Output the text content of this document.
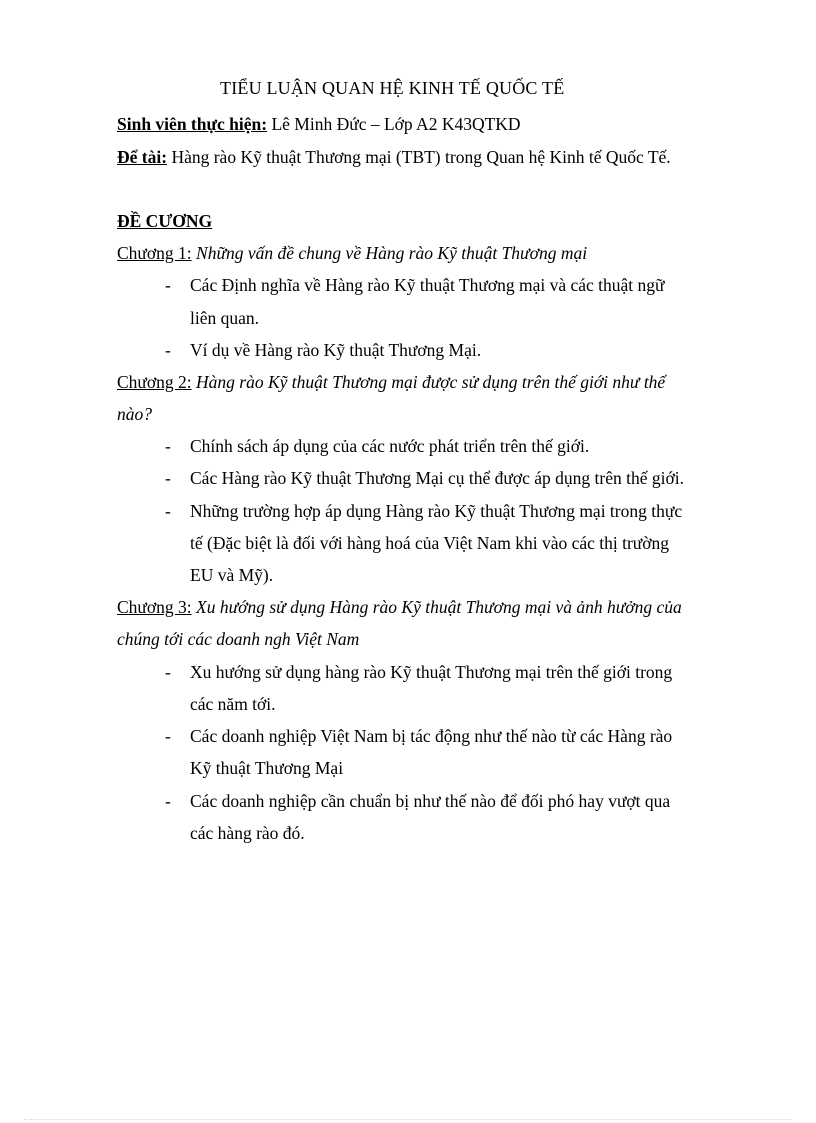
TIỂU LUẬN QUAN HỆ KINH TẾ QUỐC TẾ
Sinh viên thực hiện: Lê Minh Đức – Lớp A2 K43QTKD
Để tài: Hàng rào Kỹ thuật Thương mại (TBT) trong Quan hệ Kinh tế Quốc Tế.
ĐỀ CƯƠNG
Chương 1: Những vấn đề chung về Hàng rào Kỹ thuật Thương mại
- Các Định nghĩa về Hàng rào Kỹ thuật Thương mại và các thuật ngữ
liên quan.
- Ví dụ về Hàng rào Kỹ thuật Thương Mại.
Chương 2: Hàng rào Kỹ thuật Thương mại được sử dụng trên thế giới như thế
nào?
- Chính sách áp dụng của các nước phát triển trên thế giới.
- Các Hàng rào Kỹ thuật Thương Mại cụ thể được áp dụng trên thế giới.
- Những trường hợp áp dụng Hàng rào Kỹ thuật Thương mại trong thực
tế (Đặc biệt là đối với hàng hoá của Việt Nam khi vào các thị trường
EU và Mỹ).
Chương 3: Xu hướng sử dụng Hàng rào Kỹ thuật Thương mại và ảnh hưởng của
chúng tới các doanh ngh Việt Nam
- Xu hướng sử dụng hàng rào Kỹ thuật Thương mại trên thế giới trong
các năm tới.
- Các doanh nghiệp Việt Nam bị tác động như thế nào từ các Hàng rào
Kỹ thuật Thương Mại
- Các doanh nghiệp cần chuẩn bị như thế nào để đối phó hay vượt qua
các hàng rào đó.
